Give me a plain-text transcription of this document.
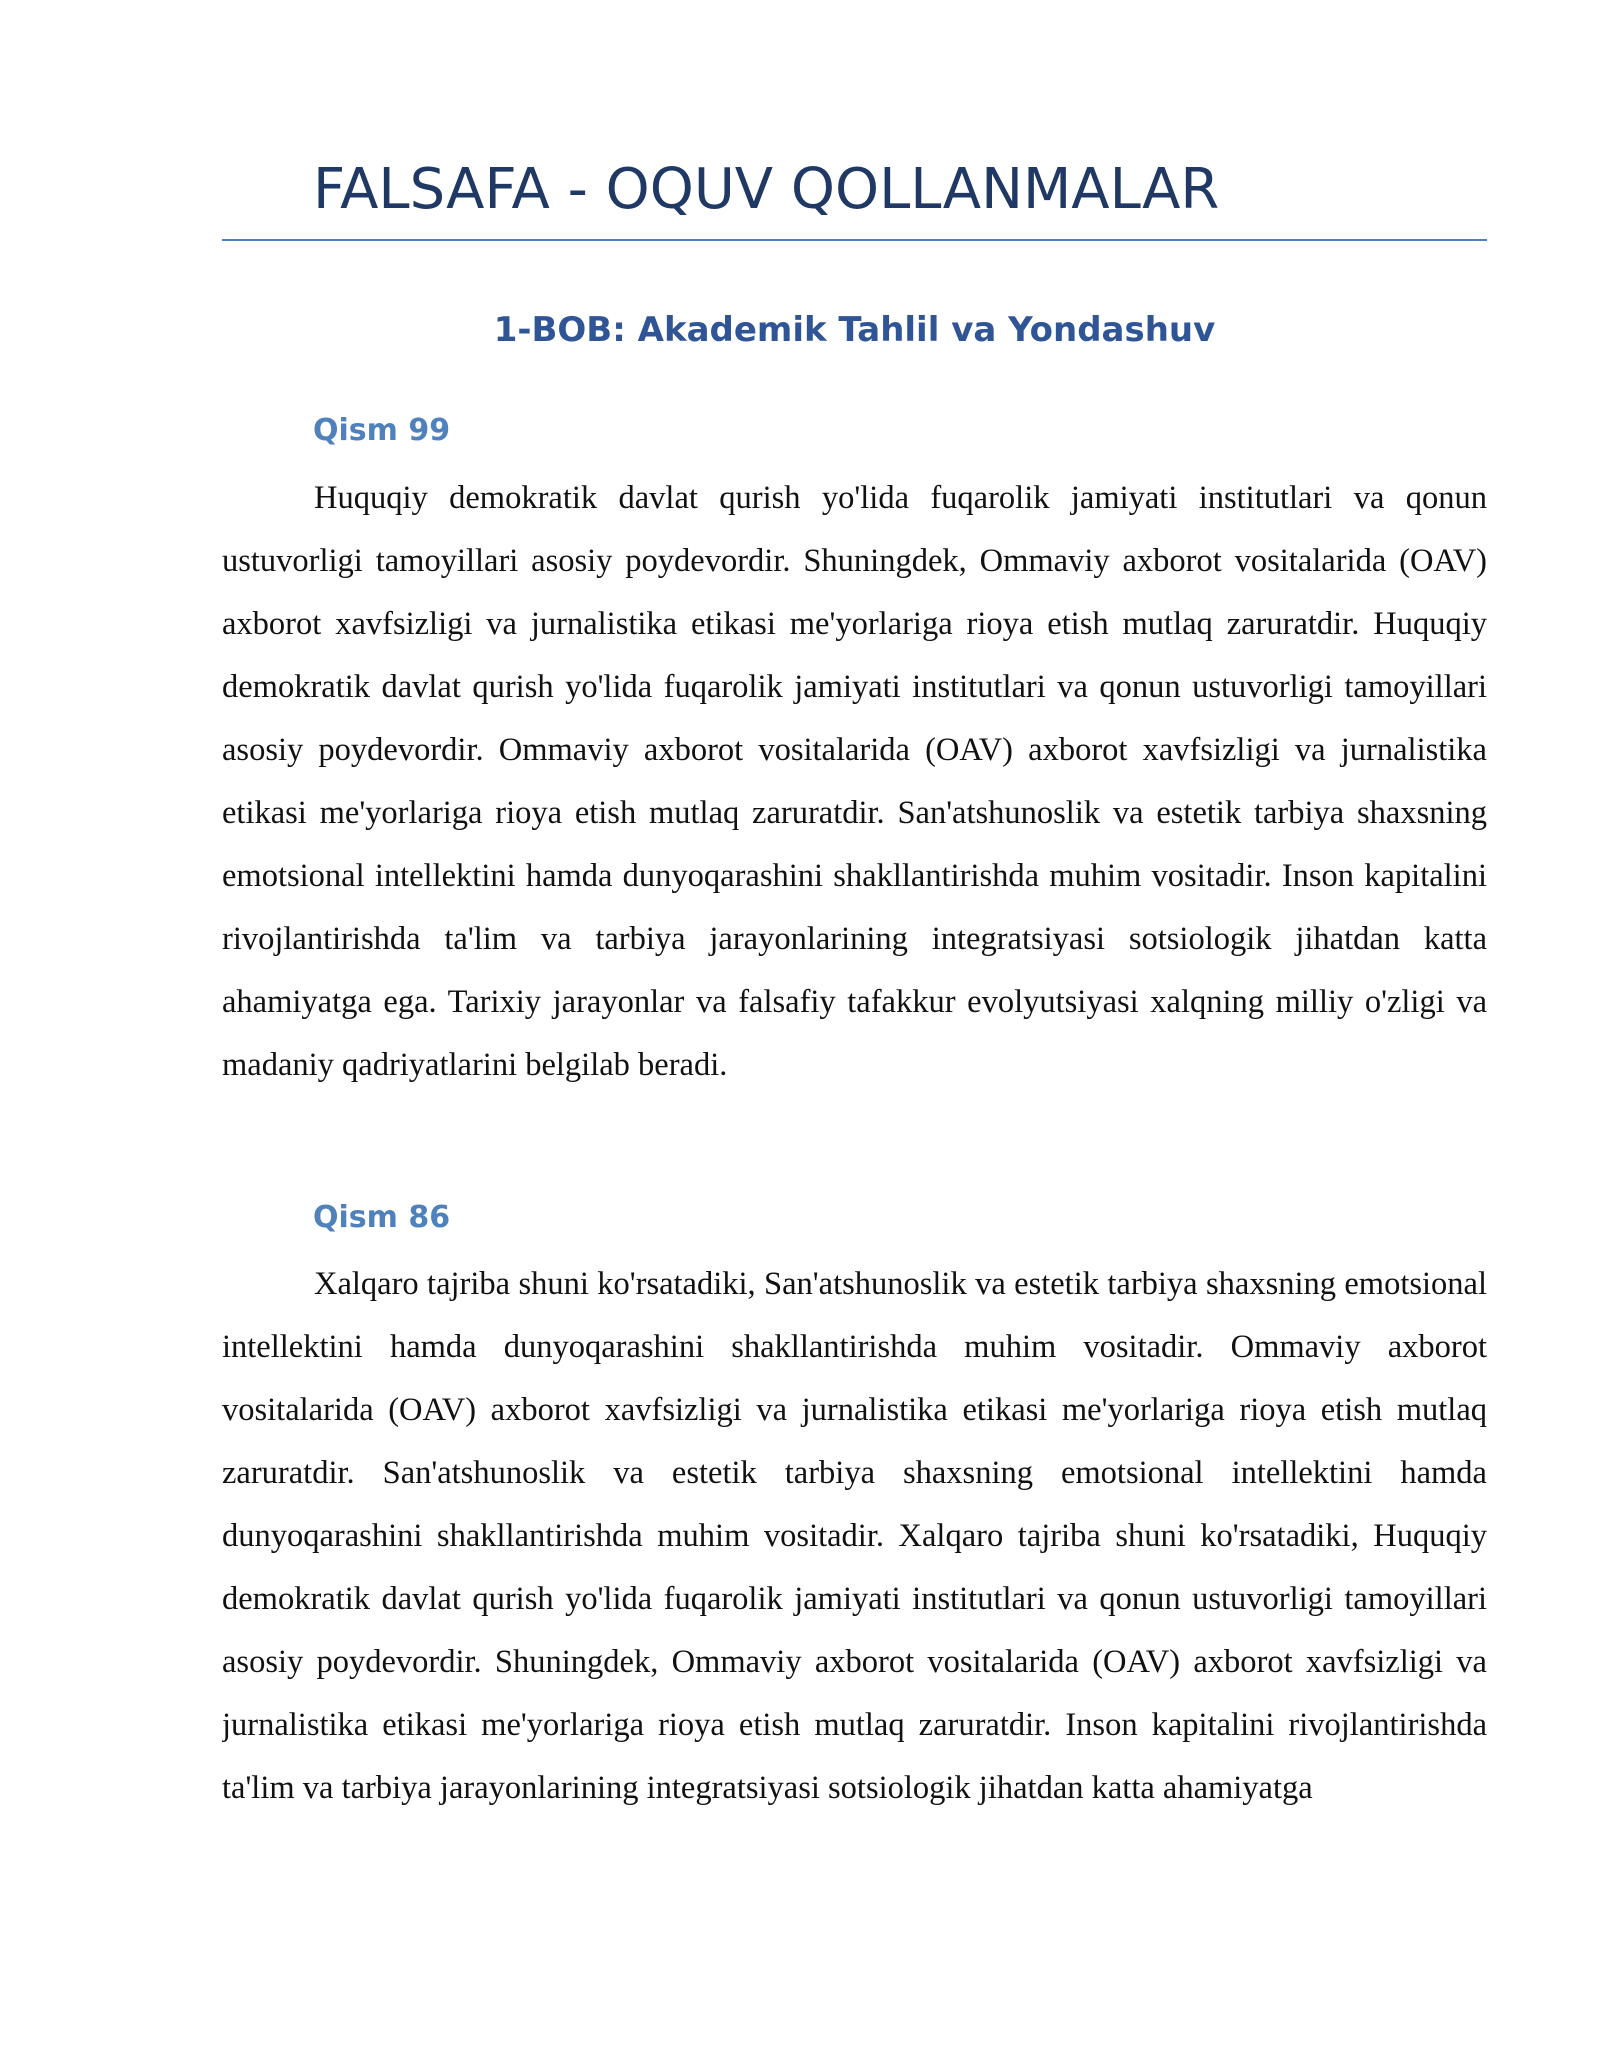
FALSAFA - OQUV QOLLANMALAR
1-BOB: Akademik Tahlil va Yondashuv
Qism 99

Huquqiy demokratik davlat qurish yo'lida fuqarolik jamiyati institutlari va qonun ustuvorligi tamoyillari asosiy poydevordir. Shuningdek, Ommaviy axborot vositalarida (OAV) axborot xavfsizligi va jurnalistika etikasi me'yorlariga rioya etish mutlaq zaruratdir. Huquqiy demokratik davlat qurish yo'lida fuqarolik jamiyati institutlari va qonun ustuvorligi tamoyillari asosiy poydevordir. Ommaviy axborot vositalarida (OAV) axborot xavfsizligi va jurnalistika etikasi me'yorlariga rioya etish mutlaq zaruratdir. San'atshunoslik va estetik tarbiya shaxsning emotsional intellektini hamda dunyoqarashini shakllantirishda muhim vositadir. Inson kapitalini rivojlantirishda ta'lim va tarbiya jarayonlarining integratsiyasi sotsiologik jihatdan katta ahamiyatga ega. Tarixiy jarayonlar va falsafiy tafakkur evolyutsiyasi xalqning milliy o'zligi va madaniy qadriyatlarini belgilab beradi.

Qism 86

Xalqaro tajriba shuni ko'rsatadiki, San'atshunoslik va estetik tarbiya shaxsning emotsional intellektini hamda dunyoqarashini shakllantirishda muhim vositadir. Ommaviy axborot vositalarida (OAV) axborot xavfsizligi va jurnalistika etikasi me'yorlariga rioya etish mutlaq zaruratdir. San'atshunoslik va estetik tarbiya shaxsning emotsional intellektini hamda dunyoqarashini shakllantirishda muhim vositadir. Xalqaro tajriba shuni ko'rsatadiki, Huquqiy demokratik davlat qurish yo'lida fuqarolik jamiyati institutlari va qonun ustuvorligi tamoyillari asosiy poydevordir. Shuningdek, Ommaviy axborot vositalarida (OAV) axborot xavfsizligi va jurnalistika etikasi me'yorlariga rioya etish mutlaq zaruratdir. Inson kapitalini rivojlantirishda ta'lim va tarbiya jarayonlarining integratsiyasi sotsiologik jihatdan katta ahamiyatga
